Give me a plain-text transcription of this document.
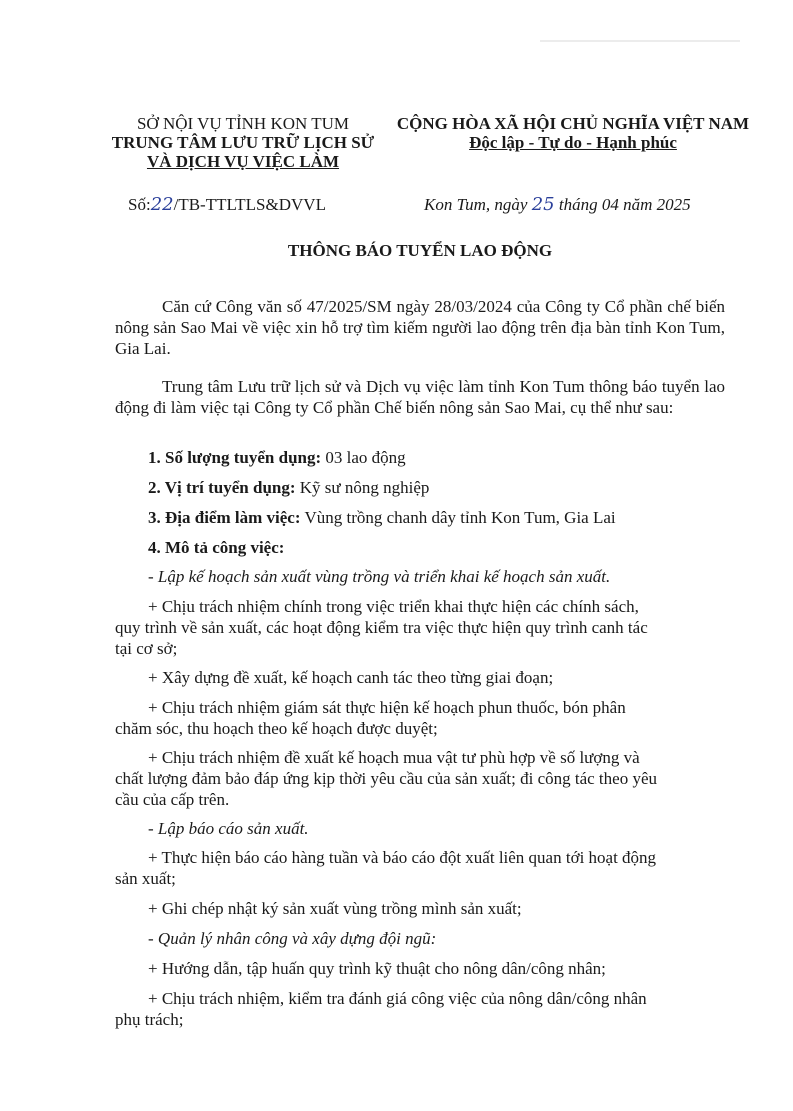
SỞ NỘI VỤ TỈNH KON TUM
TRUNG TÂM LƯU TRỮ LỊCH SỬ
VÀ DỊCH VỤ VIỆC LÀM
CỘNG HÒA XÃ HỘI CHỦ NGHĨA VIỆT NAM
Độc lập - Tự do - Hạnh phúc
Số:22/TB-TTLTLS&DVVL	Kon Tum, ngày 25 tháng 04 năm 2025
THÔNG BÁO TUYỂN LAO ĐỘNG

Căn cứ Công văn số 47/2025/SM ngày 28/03/2024 của Công ty Cổ phần chế biến nông sản Sao Mai về việc xin hỗ trợ tìm kiếm người lao động trên địa bàn tỉnh Kon Tum, Gia Lai.

Trung tâm Lưu trữ lịch sử và Dịch vụ việc làm tỉnh Kon Tum thông báo tuyển lao động đi làm việc tại Công ty Cổ phần Chế biến nông sản Sao Mai, cụ thể như sau:

1. Số lượng tuyển dụng: 03 lao động
2. Vị trí tuyển dụng: Kỹ sư nông nghiệp
3. Địa điểm làm việc: Vùng trồng chanh dây tỉnh Kon Tum, Gia Lai
4. Mô tả công việc:
- Lập kế hoạch sản xuất vùng trồng và triển khai kế hoạch sản xuất.
+ Chịu trách nhiệm chính trong việc triển khai thực hiện các chính sách,
quy trình về sản xuất, các hoạt động kiểm tra việc thực hiện quy trình canh tác
tại cơ sở;
+ Xây dựng đề xuất, kế hoạch canh tác theo từng giai đoạn;
+ Chịu trách nhiệm giám sát thực hiện kế hoạch phun thuốc, bón phân
chăm sóc, thu hoạch theo kế hoạch được duyệt;
+ Chịu trách nhiệm đề xuất kế hoạch mua vật tư phù hợp về số lượng và
chất lượng đảm bảo đáp ứng kịp thời yêu cầu của sản xuất; đi công tác theo yêu
cầu của cấp trên.
- Lập báo cáo sản xuất.
+ Thực hiện báo cáo hàng tuần và báo cáo đột xuất liên quan tới hoạt động
sản xuất;
+ Ghi chép nhật ký sản xuất vùng trồng mình sản xuất;
- Quản lý nhân công và xây dựng đội ngũ:
+ Hướng dẫn, tập huấn quy trình kỹ thuật cho nông dân/công nhân;
+ Chịu trách nhiệm, kiểm tra đánh giá công việc của nông dân/công nhân
phụ trách;
